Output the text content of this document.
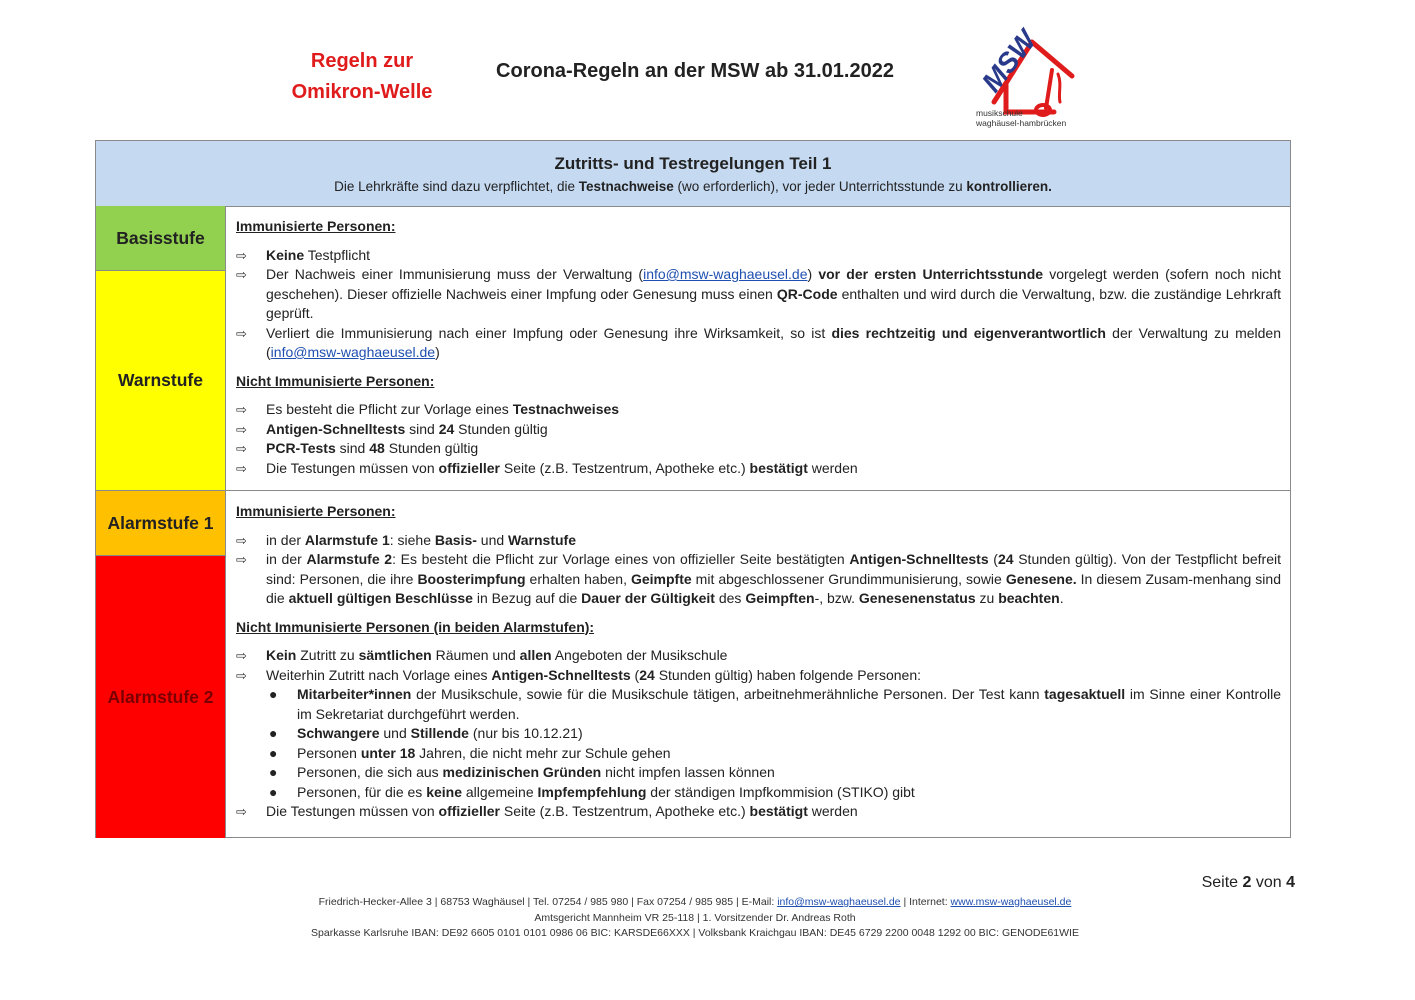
Regeln zur
Omikron-Welle
Corona-Regeln an der MSW ab 31.01.2022	MSW
musikschule
waghäusel-hambrücken
Zutritts- und Testregelungen Teil 1
Die Lehrkräfte sind dazu verpflichtet, die Testnachweise (wo erforderlich), vor jeder Unterrichtsstunde zu kontrollieren.
Basisstufe
Warnstufe
Alarmstufe 1
Alarmstufe 2
Immunisierte Personen:
⇨ Keine Testpflicht
⇨ Der Nachweis einer Immunisierung muss der Verwaltung (info@msw-waghaeusel.de) vor der ersten Unterrichtsstunde vorgelegt werden (sofern noch nicht geschehen). Dieser offizielle Nachweis einer Impfung oder Genesung muss einen QR-Code enthalten und wird durch die Verwaltung, bzw. die zuständige Lehrkraft geprüft.
⇨ Verliert die Immunisierung nach einer Impfung oder Genesung ihre Wirksamkeit, so ist dies rechtzeitig und eigenverantwortlich der Verwaltung zu melden (info@msw-waghaeusel.de)
Nicht Immunisierte Personen:
⇨ Es besteht die Pflicht zur Vorlage eines Testnachweises
⇨ Antigen-Schnelltests sind 24 Stunden gültig
⇨ PCR-Tests sind 48 Stunden gültig
⇨ Die Testungen müssen von offizieller Seite (z.B. Testzentrum, Apotheke etc.) bestätigt werden
Immunisierte Personen:
⇨ in der Alarmstufe 1: siehe Basis- und Warnstufe
⇨ in der Alarmstufe 2: Es besteht die Pflicht zur Vorlage eines von offizieller Seite bestätigten Antigen-Schnelltests (24 Stunden gültig). Von der Testpflicht befreit sind: Personen, die ihre Boosterimpfung erhalten haben, Geimpfte mit abgeschlossener Grundimmunisierung, sowie Genesene. In diesem Zusam-menhang sind die aktuell gültigen Beschlüsse in Bezug auf die Dauer der Gültigkeit des Geimpften-, bzw. Genesenenstatus zu beachten.
Nicht Immunisierte Personen (in beiden Alarmstufen):
⇨ Kein Zutritt zu sämtlichen Räumen und allen Angeboten der Musikschule
⇨ Weiterhin Zutritt nach Vorlage eines Antigen-Schnelltests (24 Stunden gültig) haben folgende Personen:
● Mitarbeiter*innen der Musikschule, sowie für die Musikschule tätigen, arbeitnehmerähnliche Personen. Der Test kann tagesaktuell im Sinne einer Kontrolle im Sekretariat durchgeführt werden.
● Schwangere und Stillende (nur bis 10.12.21)
● Personen unter 18 Jahren, die nicht mehr zur Schule gehen
● Personen, die sich aus medizinischen Gründen nicht impfen lassen können
● Personen, für die es keine allgemeine Impfempfehlung der ständigen Impfkommision (STIKO) gibt
⇨ Die Testungen müssen von offizieller Seite (z.B. Testzentrum, Apotheke etc.) bestätigt werden
Seite 2 von 4
Friedrich-Hecker-Allee 3 | 68753 Waghäusel | Tel. 07254 / 985 980 | Fax 07254 / 985 985 | E-Mail: info@msw-waghaeusel.de | Internet: www.msw-waghaeusel.de
Amtsgericht Mannheim VR 25-118 | 1. Vorsitzender Dr. Andreas Roth
Sparkasse Karlsruhe IBAN: DE92 6605 0101 0101 0986 06 BIC: KARSDE66XXX | Volksbank Kraichgau IBAN: DE45 6729 2200 0048 1292 00 BIC: GENODE61WIE
